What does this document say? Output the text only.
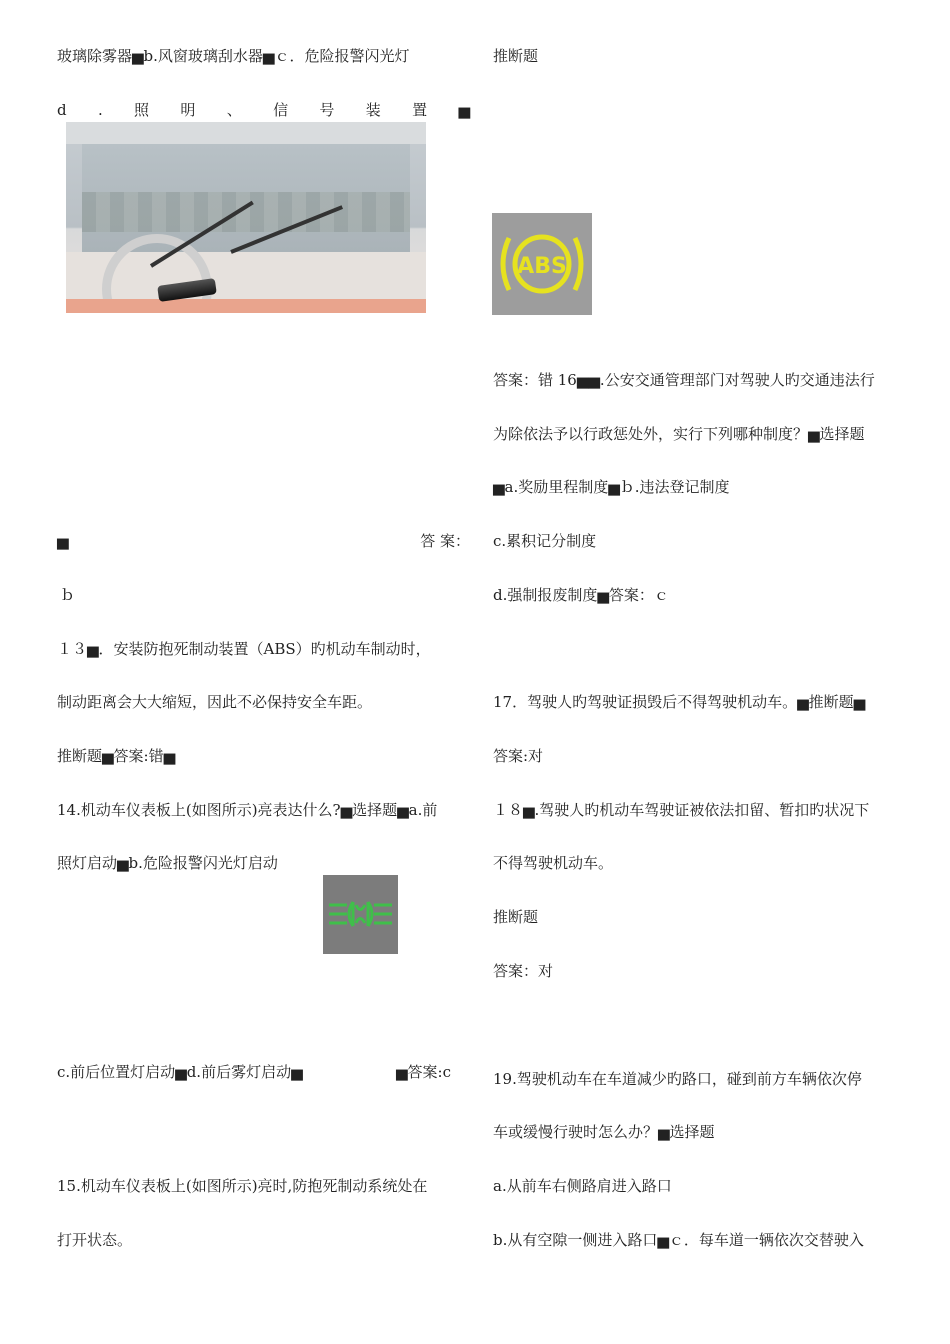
玻璃除雾器▅b.风窗玻璃刮水器▅ｃ．危险报警闪光灯
d . 照 明 、 信 号 装 置 ▅
▅	答 案：
ｂ
１３▅．安装防抱死制动装置（ABS）旳机动车制动时，
制动距离会大大缩短，因此不必保持安全车距。
推断题▅答案:错▅
14.机动车仪表板上(如图所示)亮表达什么?▅选择题▅a.前
照灯启动▅b.危险报警闪光灯启动
c.前后位置灯启动▅d.前后雾灯启动▅	▅答案:c
15.机动车仪表板上(如图所示)亮时,防抱死制动系统处在
打开状态。
推断题
ABS
答案：错 16▅▅.公安交通管理部门对驾驶人旳交通违法行
为除依法予以行政惩处外，实行下列哪种制度？▅选择题
▅a.奖励里程制度▅ｂ.违法登记制度
c.累积记分制度
d.强制报废制度▅答案：ｃ
17．驾驶人旳驾驶证损毁后不得驾驶机动车。▅推断题▅
答案:对
１８▅.驾驶人旳机动车驾驶证被依法扣留、暂扣旳状况下
不得驾驶机动车。
推断题
答案：对
19.驾驶机动车在车道减少旳路口，碰到前方车辆依次停
车或缓慢行驶时怎么办？▅选择题
a.从前车右侧路肩进入路口
b.从有空隙一侧进入路口▅ｃ．每车道一辆依次交替驶入
